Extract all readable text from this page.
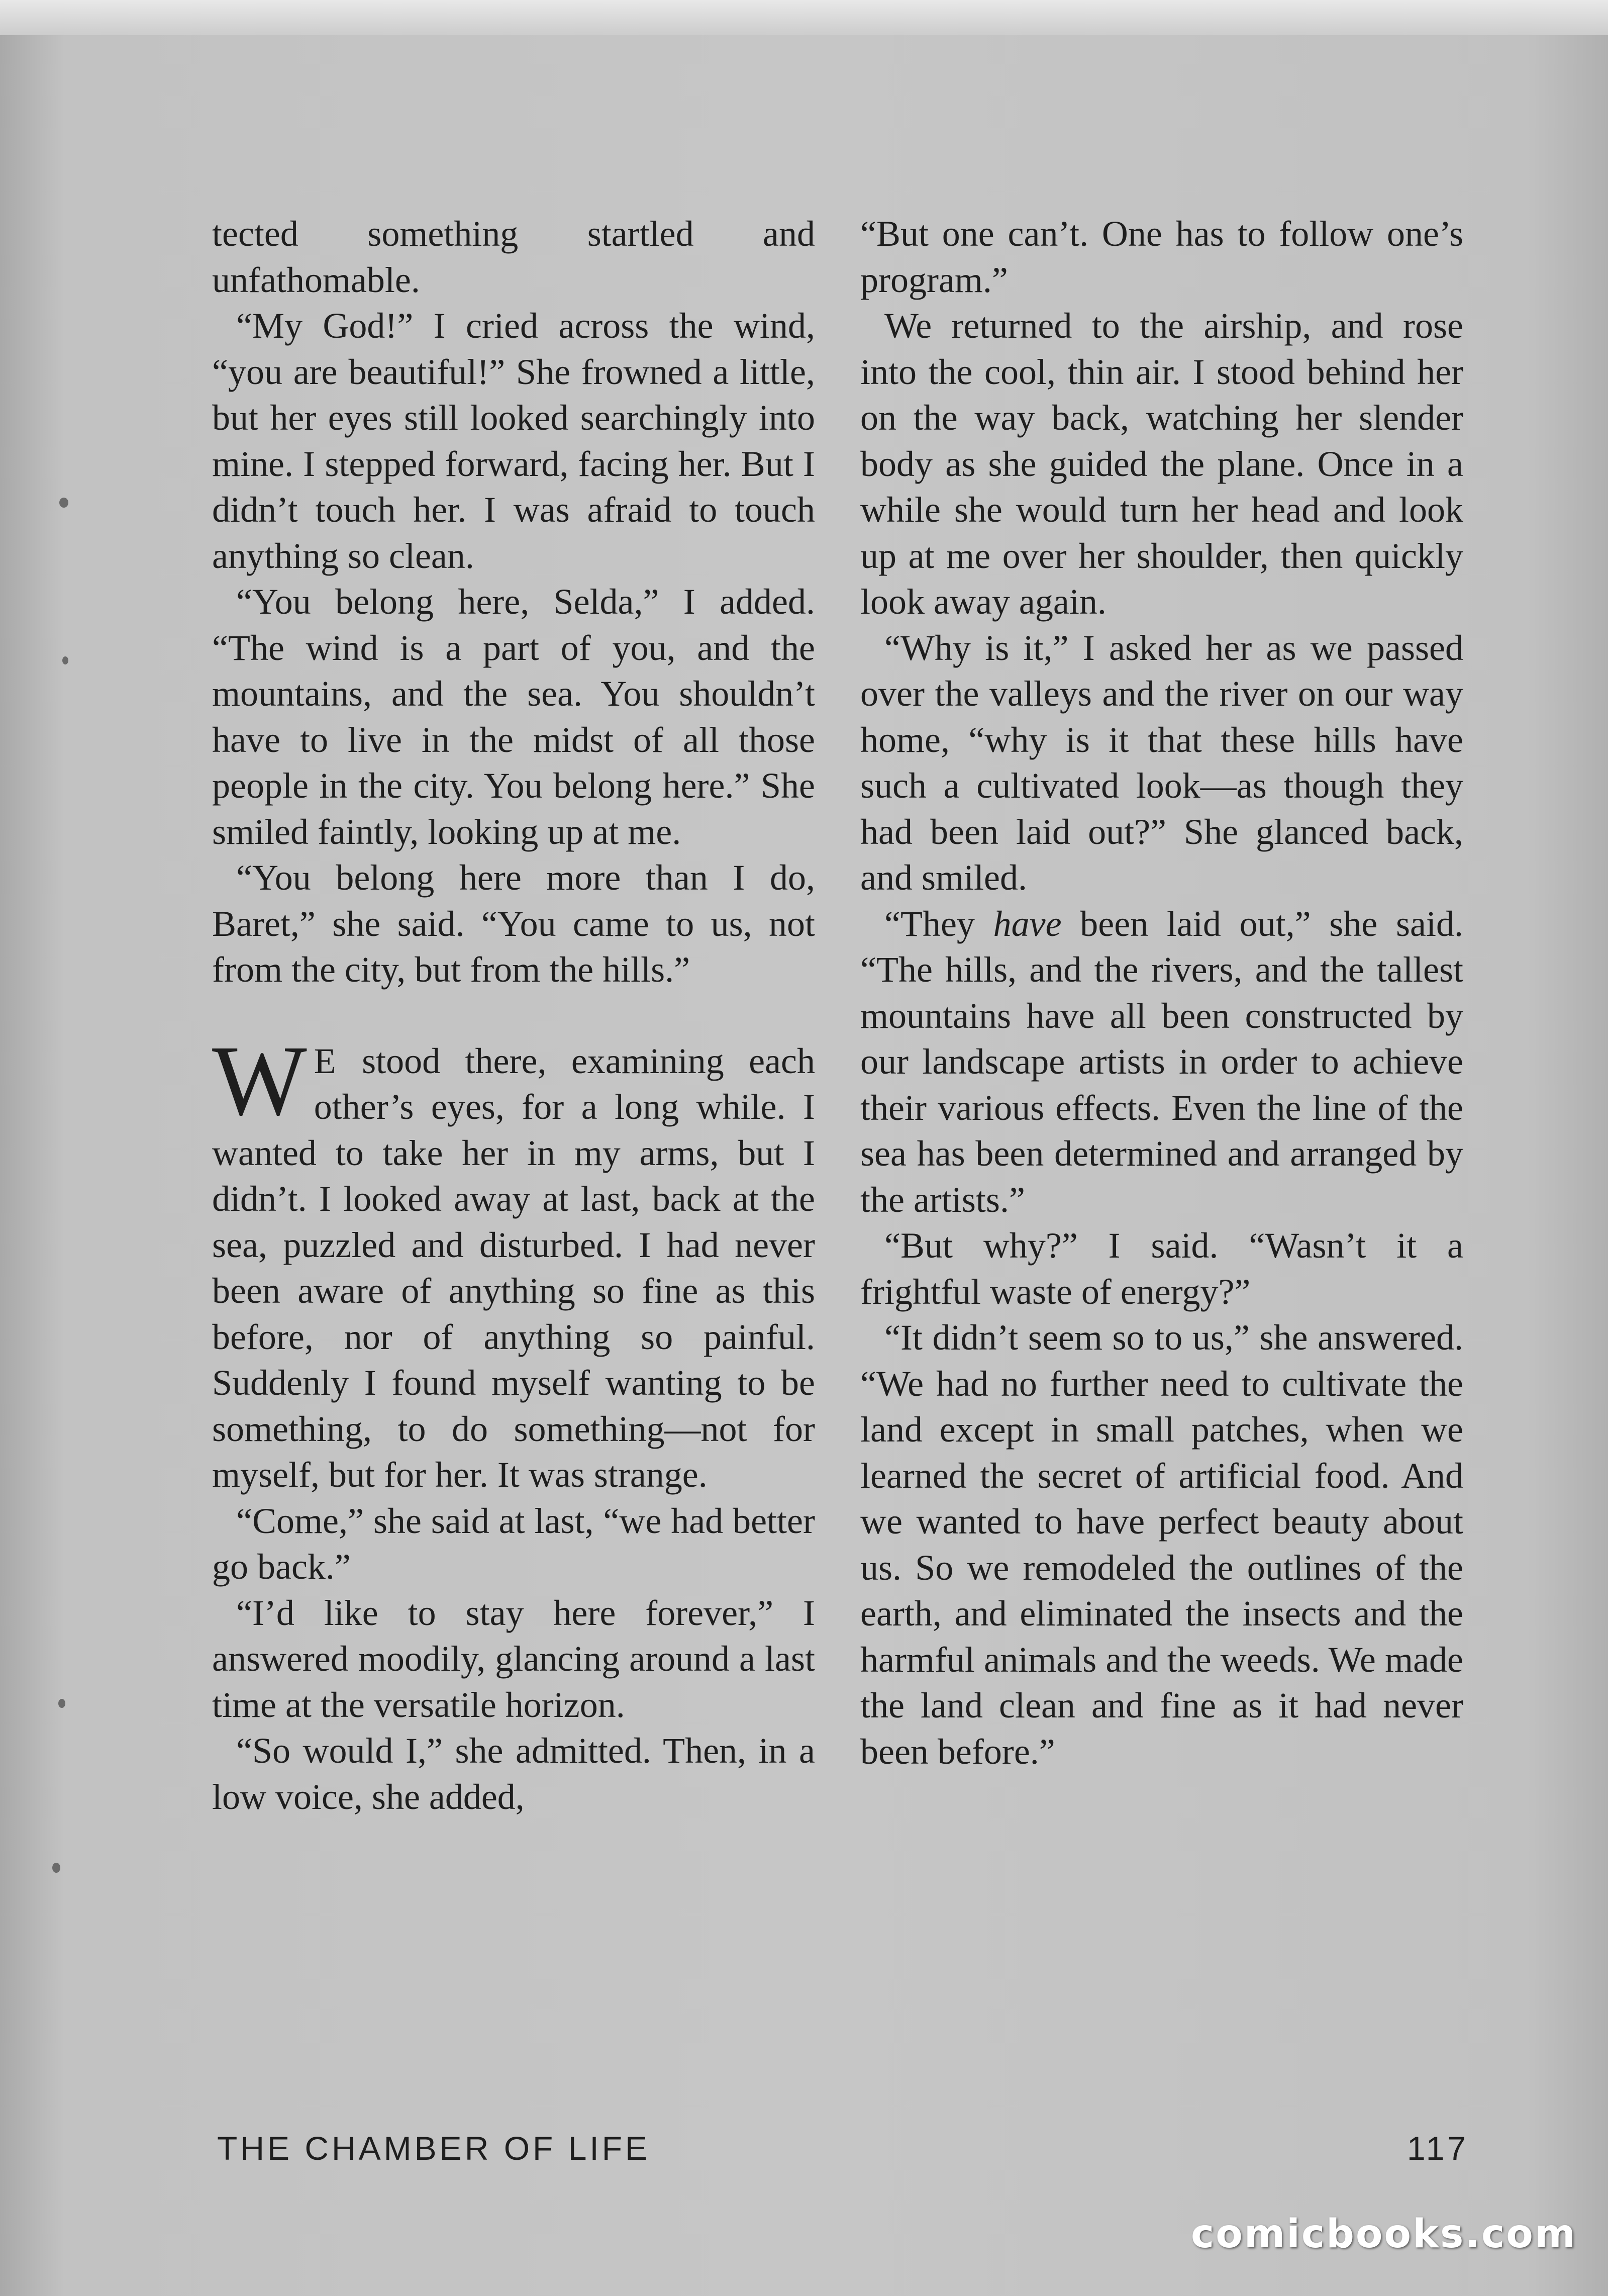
tected something startled and unfathomable.

“My God!” I cried across the wind, “you are beautiful!” She frowned a little, but her eyes still looked searchingly into mine. I stepped forward, facing her. But I didn’t touch her. I was afraid to touch anything so clean.

“You belong here, Selda,” I added. “The wind is a part of you, and the mountains, and the sea. You shouldn’t have to live in the midst of all those people in the city. You belong here.” She smiled faintly, looking up at me.

“You belong here more than I do, Baret,” she said. “You came to us, not from the city, but from the hills.”

W E stood there, examining each other’s eyes, for a long while. I wanted to take her in my arms, but I didn’t. I looked away at last, back at the sea, puzzled and disturbed. I had never been aware of anything so fine as this before, nor of anything so painful. Suddenly I found myself wanting to be something, to do something—not for myself, but for her. It was strange.

“Come,” she said at last, “we had better go back.”

“I’d like to stay here forever,” I answered moodily, glancing around a last time at the versatile horizon.

“So would I,” she admitted. Then, in a low voice, she added,

“But one can’t. One has to follow one’s program.”

We returned to the airship, and rose into the cool, thin air. I stood behind her on the way back, watching her slender body as she guided the plane. Once in a while she would turn her head and look up at me over her shoulder, then quickly look away again.

“Why is it,” I asked her as we passed over the valleys and the river on our way home, “why is it that these hills have such a cultivated look—as though they had been laid out?” She glanced back, and smiled.

“They have been laid out,” she said. “The hills, and the rivers, and the tallest mountains have all been constructed by our landscape artists in order to achieve their various effects. Even the line of the sea has been determined and arranged by the artists.”

“But why?” I said. “Wasn’t it a frightful waste of energy?”

“It didn’t seem so to us,” she answered. “We had no further need to cultivate the land except in small patches, when we learned the secret of artificial food. And we wanted to have perfect beauty about us. So we remodeled the outlines of the earth, and eliminated the insects and the harmful animals and the weeds. We made the land clean and fine as it had never been before.”

THE CHAMBER OF LIFE	117
comicbooks.com
